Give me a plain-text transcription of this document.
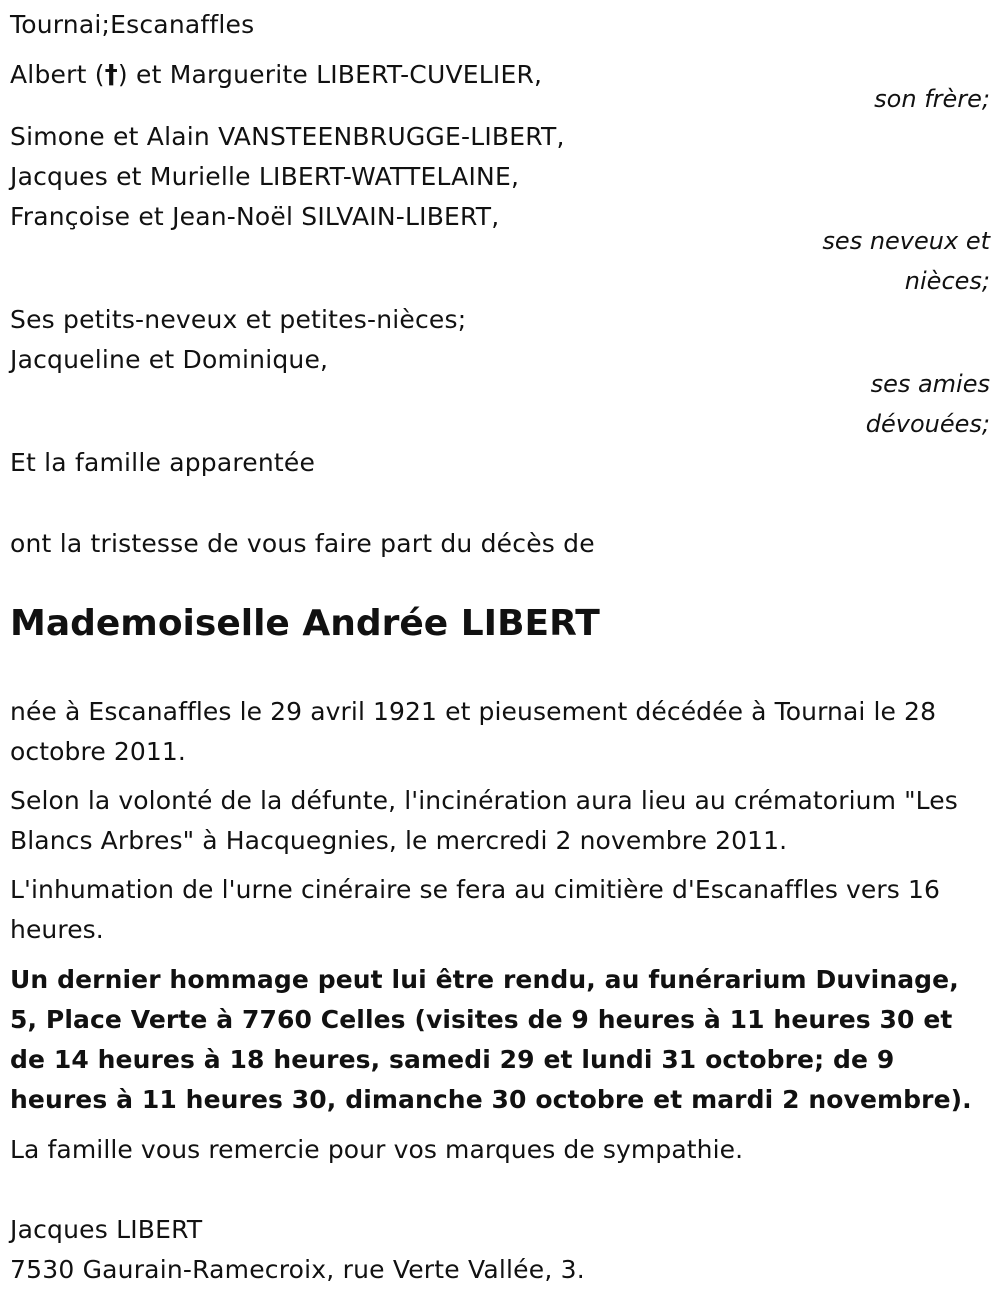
Tournai;Escanaffles
Albert (†) et Marguerite LIBERT-CUVELIER,
son frère;
Simone et Alain VANSTEENBRUGGE-LIBERT,
Jacques et Murielle LIBERT-WATTELAINE,
Françoise et Jean-Noël SILVAIN-LIBERT,
ses neveux et
nièces;
Ses petits-neveux et petites-nièces;
Jacqueline et Dominique,
ses amies
dévouées;
Et la famille apparentée
ont la tristesse de vous faire part du décès de
Mademoiselle Andrée LIBERT
née à Escanaffles le 29 avril 1921 et pieusement décédée à Tournai le 28 octobre 2011.
Selon la volonté de la défunte, l'incinération aura lieu au crématorium "Les Blancs Arbres" à Hacquegnies, le mercredi 2 novembre 2011.
L'inhumation de l'urne cinéraire se fera au cimitière d'Escanaffles vers 16 heures.
Un dernier hommage peut lui être rendu, au funérarium Duvinage, 5, Place Verte à 7760 Celles (visites de 9 heures à 11 heures 30 et de 14 heures à 18 heures, samedi 29 et lundi 31 octobre; de 9 heures à 11 heures 30, dimanche 30 octobre et mardi 2 novembre).
La famille vous remercie pour vos marques de sympathie.
Jacques LIBERT
7530 Gaurain-Ramecroix, rue Verte Vallée, 3.
